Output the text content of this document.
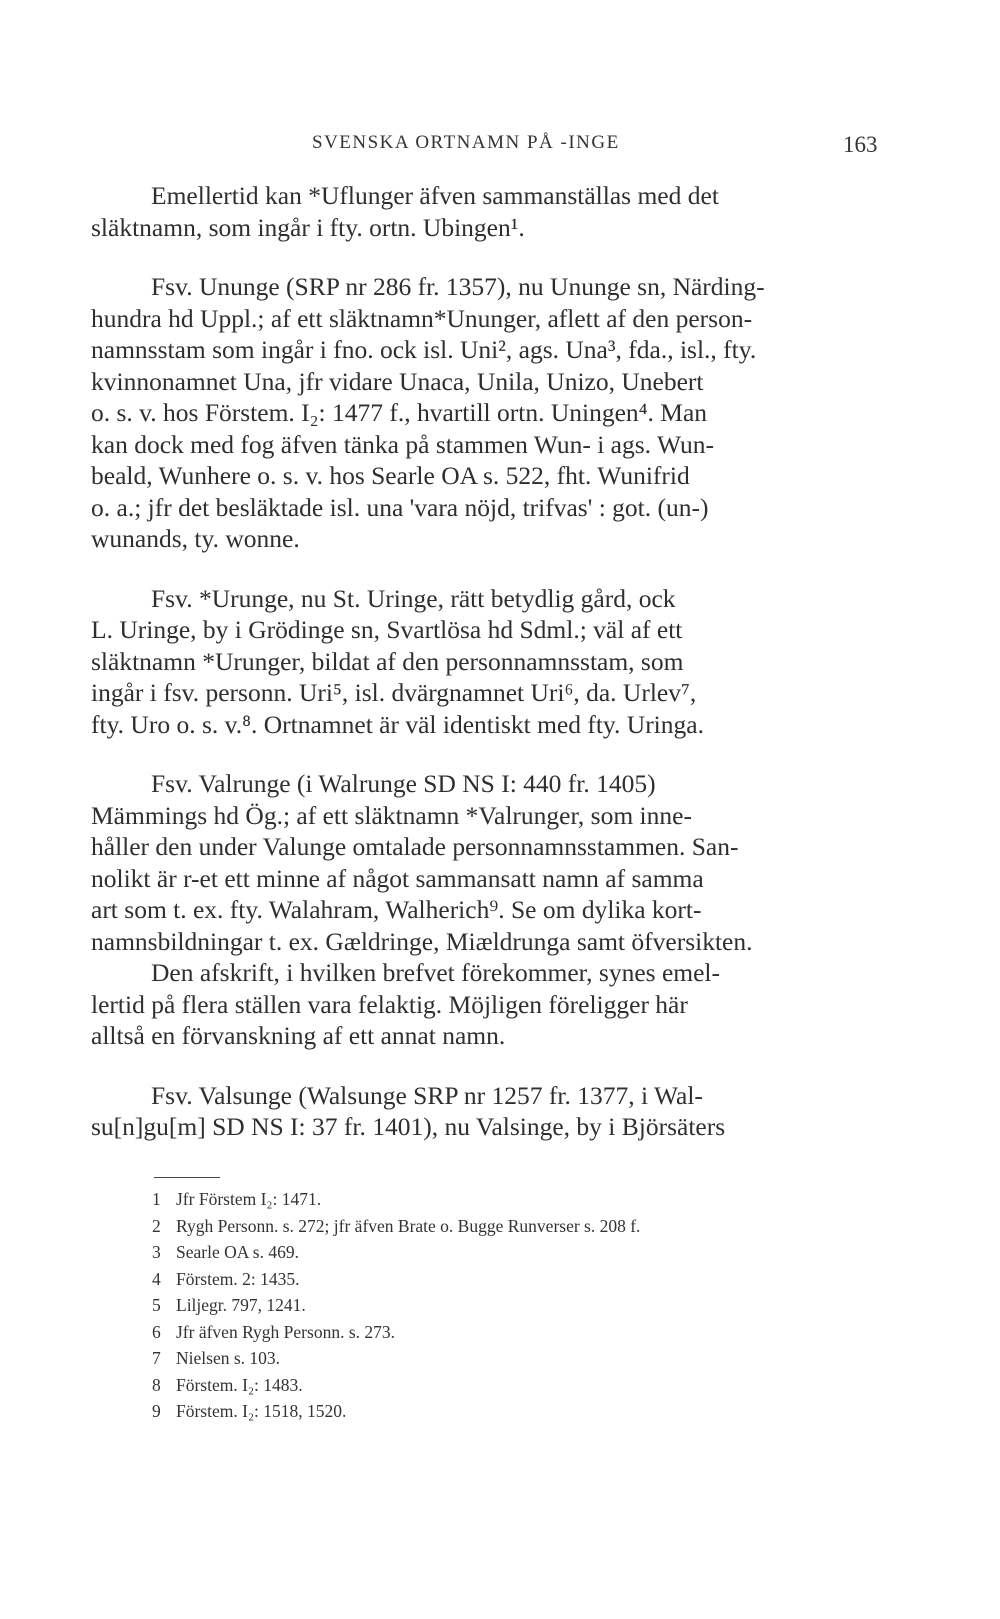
SVENSKA ORTNAMN PÅ -INGE	163
Emellertid kan *Uflunger äfven sammanställas med det
släktnamn, som ingår i fty. ortn. Ubingen¹.
Fsv. Ununge (SRP nr 286 fr. 1357), nu Ununge sn, Närding-
hundra hd Uppl.; af ett släktnamn*Ununger, aflett af den person-
namnsstam som ingår i fno. ock isl. Uni², ags. Una³, fda., isl., fty.
kvinnonamnet Una, jfr vidare Unaca, Unila, Unizo, Unebert
o. s. v. hos Förstem. I₂: 1477 f., hvartill ortn. Uningen⁴. Man
kan dock med fog äfven tänka på stammen Wun- i ags. Wun-
beald, Wunhere o. s. v. hos Searle OA s. 522, fht. Wunifrid
o. a.; jfr det besläktade isl. una 'vara nöjd, trifvas' : got. (un-)
wunands, ty. wonne.
Fsv. *Urunge, nu St. Uringe, rätt betydlig gård, ock
L. Uringe, by i Grödinge sn, Svartlösa hd Sdml.; väl af ett
släktnamn *Urunger, bildat af den personnamnsstam, som
ingår i fsv. personn. Uri⁵, isl. dvärgnamnet Uri⁶, da. Urlev⁷,
fty. Uro o. s. v.⁸. Ortnamnet är väl identiskt med fty. Uringa.
Fsv. Valrunge (i Walrunge SD NS I: 440 fr. 1405)
Mämmings hd Ög.; af ett släktnamn *Valrunger, som inne-
håller den under Valunge omtalade personnamnsstammen. San-
nolikt är r-et ett minne af något sammansatt namn af samma
art som t. ex. fty. Walahram, Walherich⁹. Se om dylika kort-
namnsbildningar t. ex. Gældringe, Miældrunga samt öfversikten.
Den afskrift, i hvilken brefvet förekommer, synes emel-
lertid på flera ställen vara felaktig. Möjligen föreligger här
alltså en förvanskning af ett annat namn.
Fsv. Valsunge (Walsunge SRP nr 1257 fr. 1377, i Wal-
su[n]gu[m] SD NS I: 37 fr. 1401), nu Valsinge, by i Björsäters
1 Jfr Förstem I₂: 1471.
2 Rygh Personn. s. 272; jfr äfven Brate o. Bugge Runverser s. 208 f.
3 Searle OA s. 469.
4 Förstem. 2: 1435.
5 Liljegr. 797, 1241.
6 Jfr äfven Rygh Personn. s. 273.
7 Nielsen s. 103.
8 Förstem. I₂: 1483.
9 Förstem. I₂: 1518, 1520.
